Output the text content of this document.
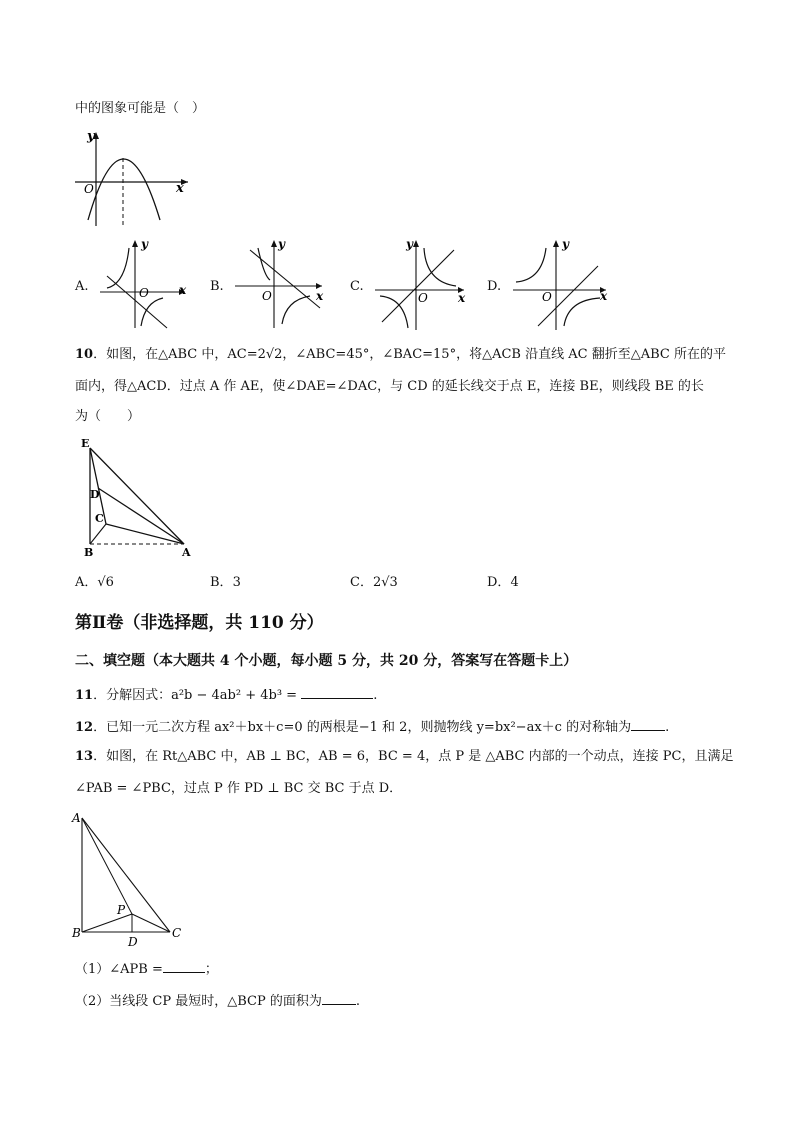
中的图象可能是（　）
y
x
O
A.
y
x
O	B.
y
x
O
C.
y
x
O
D.
y
x
O
10．如图，在△ABC 中，AC=2√2，∠ABC=45°，∠BAC=15°，将△ACB 沿直线 AC 翻折至△ABC 所在的平
面内，得△ACD．过点 A 作 AE，使∠DAE=∠DAC，与 CD 的延长线交于点 E，连接 BE，则线段 BE 的长
为（　　）
E
D
C
B	A
A．√6	B．3	C．2√3	D．4
第Ⅱ卷（非选择题，共 110 分）
二、填空题（本大题共 4 个小题，每小题 5 分，共 20 分，答案写在答题卡上）
11．分解因式：a²b − 4ab² + 4b³ =	.
12．已知一元二次方程 ax²＋bx＋c=0 的两根是−1 和 2，则抛物线 y=bx²−ax＋c 的对称轴为	.
13．如图，在 Rt△ABC 中，AB ⊥ BC，AB = 6，BC = 4，点 P 是 △ABC 内部的一个动点，连接 PC，且满足
∠PAB = ∠PBC，过点 P 作 PD ⊥ BC 交 BC 于点 D．
A
B	C
P
D
（1）∠APB =	；
（2）当线段 CP 最短时，△BCP 的面积为	.
